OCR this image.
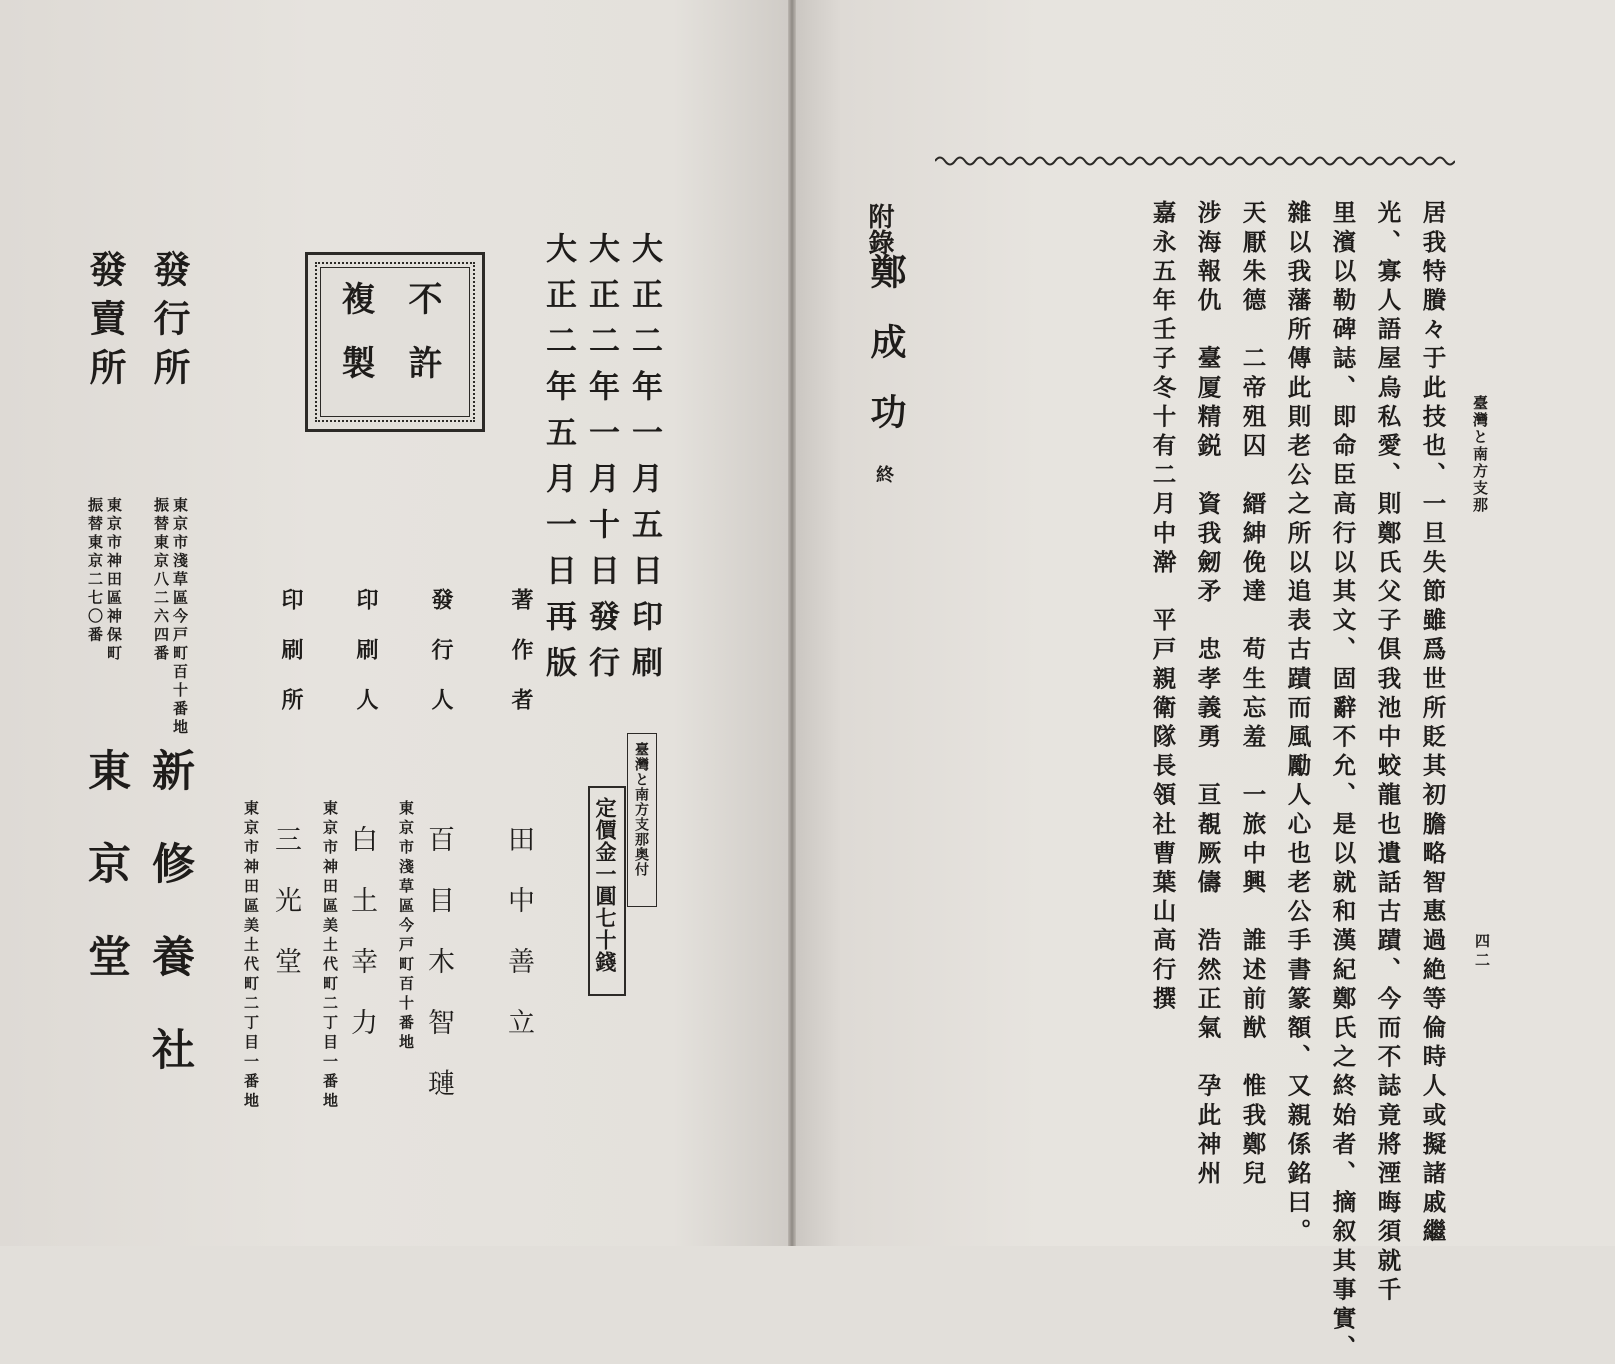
大正二年一月五日印刷
大正二年一月十日發行
大正二年五月一日再版
不許
複製
臺灣と南方支那奥付
定價金一圓七十錢
著作者
田中善立
發行人
東京市淺草區今戸町百十番地 百目木智璉
印刷人
東京市神田區美土代町二丁目一番地 白土幸力
印刷所
東京市神田區美土代町二丁目一番地 三光堂
發行所
東京市淺草區今戸町百十番地
振替東京八二六四番
新修養社
發賣所
東京市神田區神保町
振替東京二七〇番
東京堂
臺灣と南方支那
四二
居我特賸々于此技也、一旦失節雖爲世所貶其初膽略智惠過絶等倫時人或擬諸戚繼
光、寡人語屋烏私愛、則鄭氏父子俱我池中蛟龍也遺話古蹟、今而不誌竟將湮晦須就千
里濱以勒碑誌、即命臣高行以其文、固辭不允、是以就和漢紀鄭氏之終始者、摘叙其事實、
雜以我藩所傳此則老公之所以追表古蹟而風勵人心也老公手書篆額、又親係銘曰。
天厭朱德　二帝殂囚　縉紳俛達　苟生忘羞　一旅中興　誰述前猷　惟我鄭兒
涉海報仇　臺厦精鋭　資我劒矛　忠孝義勇　亘覩厥儔　浩然正氣　孕此神州
嘉永五年壬子冬十有二月中澣　平戸親衛隊長領社曹葉山高行撰
附錄
鄭成功
終
